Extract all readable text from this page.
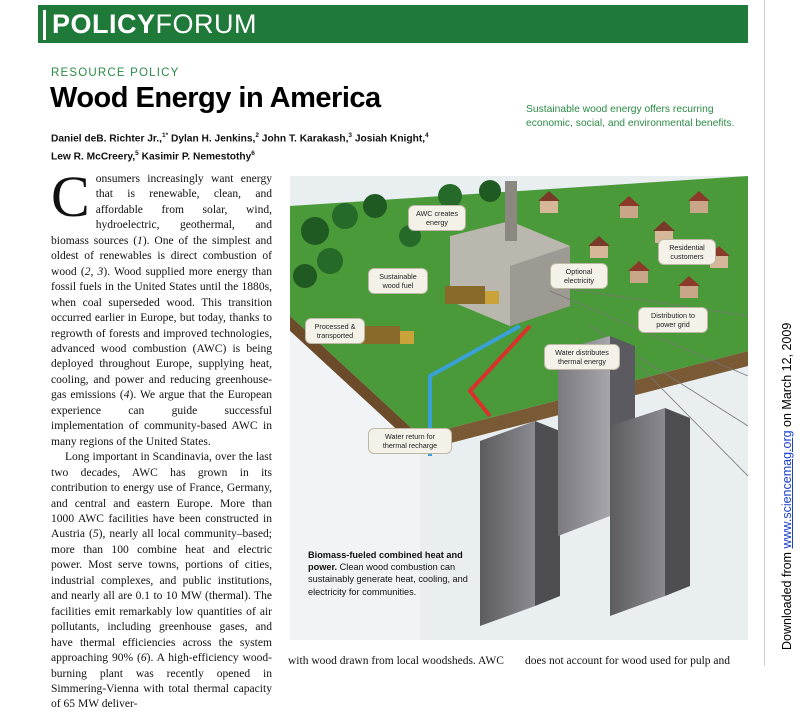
POLICYFORUM
RESOURCE POLICY
Wood Energy in America
Daniel deB. Richter Jr.,$^{1*}$ Dylan H. Jenkins,$^2$ John T. Karakash,$^3$ Josiah Knight,$^4$
Lew R. McCreery,$^5$ Kasimir P. Nemestothy$^6$
Sustainable wood energy offers recurring economic, social, and environmental benefits.

Consumers increasingly want energy that is renewable, clean, and affordable from solar, wind, hydroelectric, geothermal, and biomass sources (1). One of the simplest and oldest of renewables is direct combustion of wood (2, 3). Wood supplied more energy than fossil fuels in the United States until the 1880s, when coal superseded wood. This transition occurred earlier in Europe, but today, thanks to regrowth of forests and improved technologies, advanced wood combustion (AWC) is being deployed throughout Europe, supplying heat, cooling, and power and reducing greenhouse-gas emissions (4). We argue that the European experience can guide successful implementation of community-based AWC in many regions of the United States.

Long important in Scandinavia, over the last two decades, AWC has grown in its contribution to energy use of France, Germany, and central and eastern Europe. More than 1000 AWC facilities have been constructed in Austria (5), nearly all local community–based; more than 100 combine heat and electric power. Most serve towns, portions of cities, industrial complexes, and public institutions, and nearly all are 0.1 to 10 MW (thermal). The facilities emit remarkably low quantities of air pollutants, including greenhouse gases, and have thermal efficiencies across the system approaching 90% (6). A high-efficiency wood-burning plant was recently opened in Simmering-Vienna with total thermal capacity of 65 MW deliver-

AWC creates energy
Sustainable wood fuel
Processed & transported
Optional electricity
Residential customers
Distribution to power grid
Water distributes thermal energy
Water return for thermal recharge
Biomass-fueled combined heat and power. Clean wood combustion can sustainably generate heat, cooling, and electricity for communities.
with wood drawn from local woodsheds. AWC does not account for wood used for pulp and
Downloaded from www.sciencemag.org on March 12, 2009
